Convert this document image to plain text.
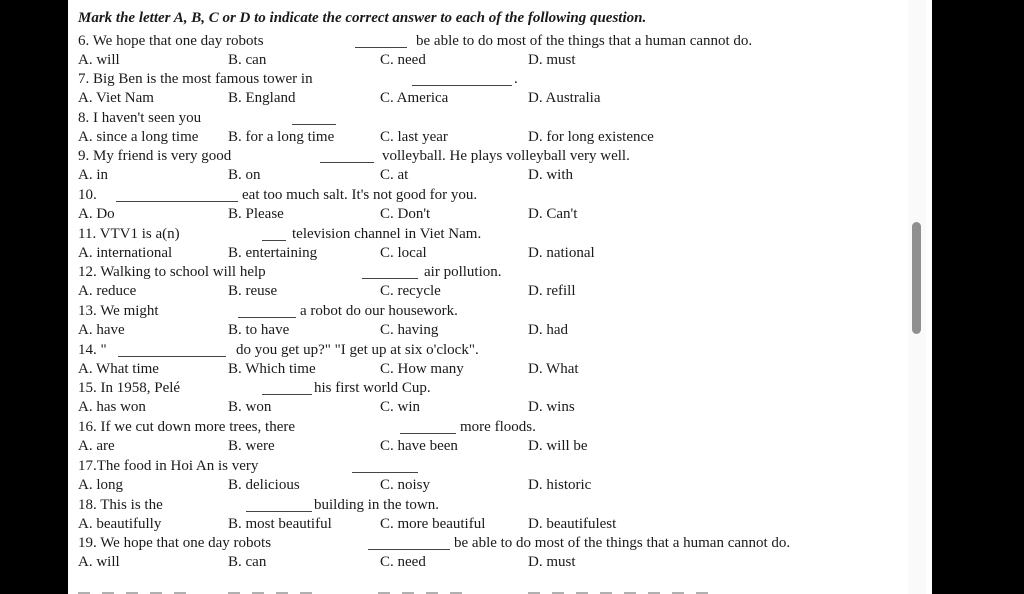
Mark the letter A, B, C or D to indicate the correct answer to each of the following question.
6. We hope that one day robots	be able to do most of the things that a human cannot do.
A. will	B. can	C. need	D. must
7. Big Ben is the most famous tower in	.
A. Viet Nam	B. England	C. America	D. Australia
8. I haven't seen you
A. since a long time B. for a long time	C. last year	D. for long existence
9. My friend is very good	volleyball. He plays volleyball very well.
A. in	B. on	C. at	D. with
10.	eat too much salt. It's not good for you.
A. Do	B. Please	C. Don't	D. Can't
11. VTV1 is a(n)	television channel in Viet Nam.
A. international	B. entertaining	C. local	D. national
12. Walking to school will help	air pollution.
A. reduce	B. reuse	C. recycle	D. refill
13. We might	a robot do our housework.
A. have	B. to have	C. having	D. had
14. "	do you get up?" "I get up at six o'clock".
A. What time	B. Which time	C. How many	D. What
15. In 1958, Pelé	his first world Cup.
A. has won	B. won	C. win	D. wins
16. If we cut down more trees, there	more floods.
A. are	B. were	C. have been	D. will be
17.The food in Hoi An is very
A. long	B. delicious	C. noisy	D. historic
18. This is the	building in the town.
A. beautifully	B. most beautiful	C. more beautiful	D. beautifulest
19. We hope that one day robots	be able to do most of the things that a human cannot do.
A. will	B. can	C. need	D. must
